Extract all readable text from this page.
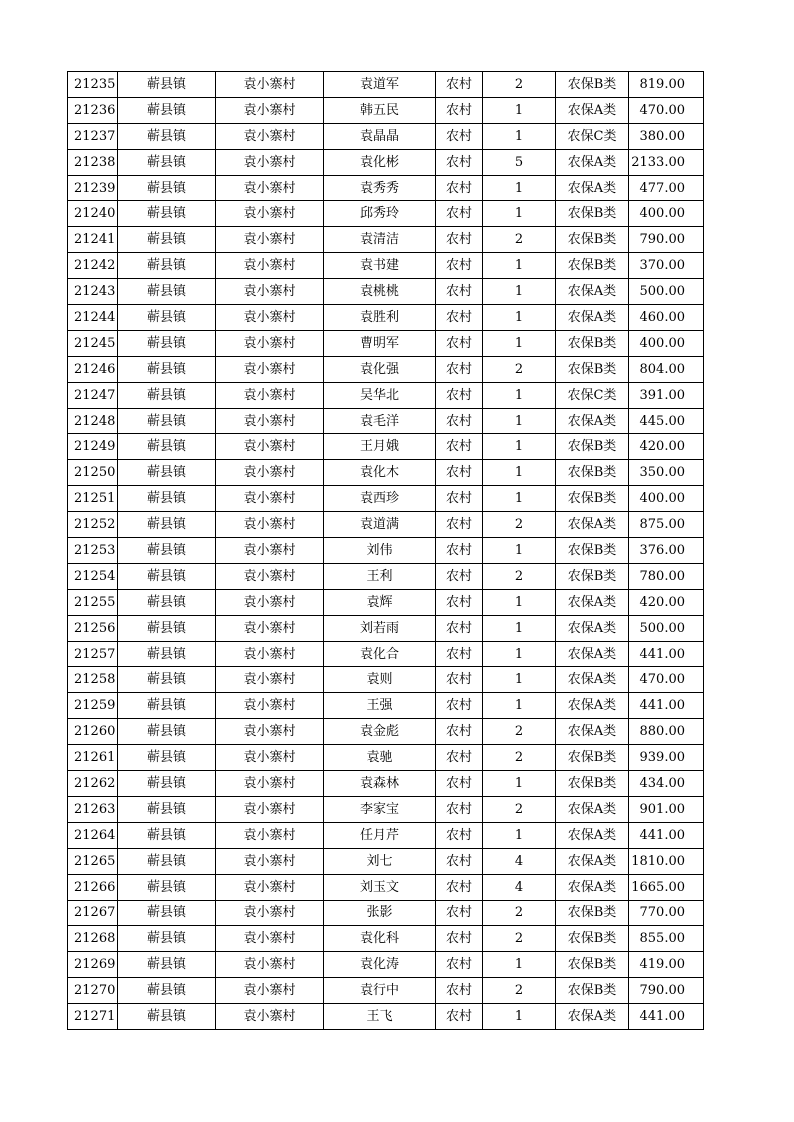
21235	蕲县镇	袁小寨村	袁道军	农村	2	农保B类	819.00
21236	蕲县镇	袁小寨村	韩五民	农村	1	农保A类	470.00
21237	蕲县镇	袁小寨村	袁晶晶	农村	1	农保C类	380.00
21238	蕲县镇	袁小寨村	袁化彬	农村	5	农保A类	2133.00
21239	蕲县镇	袁小寨村	袁秀秀	农村	1	农保A类	477.00
21240	蕲县镇	袁小寨村	邱秀玲	农村	1	农保B类	400.00
21241	蕲县镇	袁小寨村	袁清洁	农村	2	农保B类	790.00
21242	蕲县镇	袁小寨村	袁书建	农村	1	农保B类	370.00
21243	蕲县镇	袁小寨村	袁桃桃	农村	1	农保A类	500.00
21244	蕲县镇	袁小寨村	袁胜利	农村	1	农保A类	460.00
21245	蕲县镇	袁小寨村	曹明军	农村	1	农保B类	400.00
21246	蕲县镇	袁小寨村	袁化强	农村	2	农保B类	804.00
21247	蕲县镇	袁小寨村	吴华北	农村	1	农保C类	391.00
21248	蕲县镇	袁小寨村	袁毛洋	农村	1	农保A类	445.00
21249	蕲县镇	袁小寨村	王月娥	农村	1	农保B类	420.00
21250	蕲县镇	袁小寨村	袁化木	农村	1	农保B类	350.00
21251	蕲县镇	袁小寨村	袁西珍	农村	1	农保B类	400.00
21252	蕲县镇	袁小寨村	袁道满	农村	2	农保A类	875.00
21253	蕲县镇	袁小寨村	刘伟	农村	1	农保B类	376.00
21254	蕲县镇	袁小寨村	王利	农村	2	农保B类	780.00
21255	蕲县镇	袁小寨村	袁辉	农村	1	农保A类	420.00
21256	蕲县镇	袁小寨村	刘若雨	农村	1	农保A类	500.00
21257	蕲县镇	袁小寨村	袁化合	农村	1	农保A类	441.00
21258	蕲县镇	袁小寨村	袁则	农村	1	农保A类	470.00
21259	蕲县镇	袁小寨村	王强	农村	1	农保A类	441.00
21260	蕲县镇	袁小寨村	袁金彪	农村	2	农保A类	880.00
21261	蕲县镇	袁小寨村	袁驰	农村	2	农保B类	939.00
21262	蕲县镇	袁小寨村	袁森林	农村	1	农保B类	434.00
21263	蕲县镇	袁小寨村	李家宝	农村	2	农保A类	901.00
21264	蕲县镇	袁小寨村	任月芹	农村	1	农保A类	441.00
21265	蕲县镇	袁小寨村	刘七	农村	4	农保A类	1810.00
21266	蕲县镇	袁小寨村	刘玉文	农村	4	农保A类	1665.00
21267	蕲县镇	袁小寨村	张影	农村	2	农保B类	770.00
21268	蕲县镇	袁小寨村	袁化科	农村	2	农保B类	855.00
21269	蕲县镇	袁小寨村	袁化涛	农村	1	农保B类	419.00
21270	蕲县镇	袁小寨村	袁行中	农村	2	农保B类	790.00
21271	蕲县镇	袁小寨村	王飞	农村	1	农保A类	441.00
